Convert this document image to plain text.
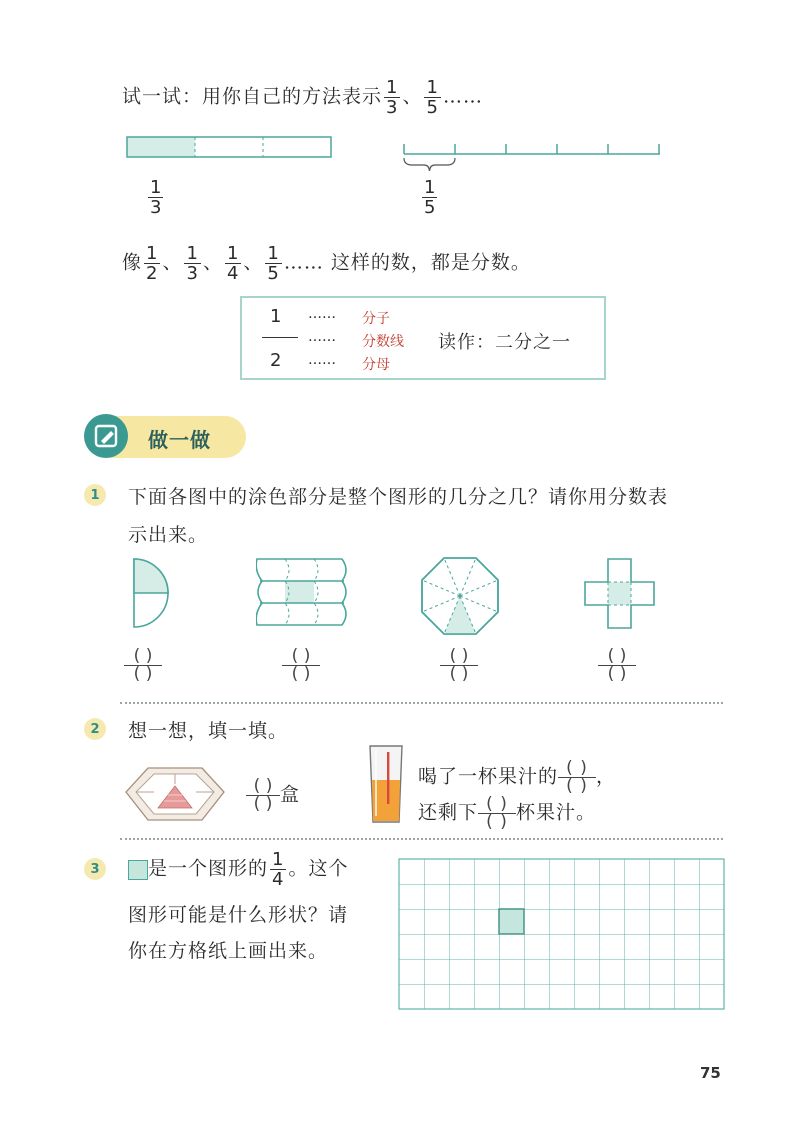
试一试：用你自己的方法表示 $\frac{1}{3}$ 、 $\frac{1}{5}$ ……
$\frac{1}{3}$	$\frac{1}{5}$
像 $\frac{1}{2}$ 、 $\frac{1}{3}$ 、 $\frac{1}{4}$ 、 $\frac{1}{5}$ …… 这样的数，都是分数。
1
2
……
……
……
分子
分数线
分母
读作：二分之一
做一做
1	下面各图中的涂色部分是整个图形的几分之几？请你用分数表
示出来。
( )
( )
( )
( )
( )
( )
( )
( )
2	想一想，填一填。
( )
( ) 盒
喝了一杯果汁的 ( )
( ) ，
还剩下 ( )
( ) 杯果汁。
3	是一个图形的 $\frac{1}{4}$ 。这个
图形可能是什么形状？请
你在方格纸上画出来。
75
